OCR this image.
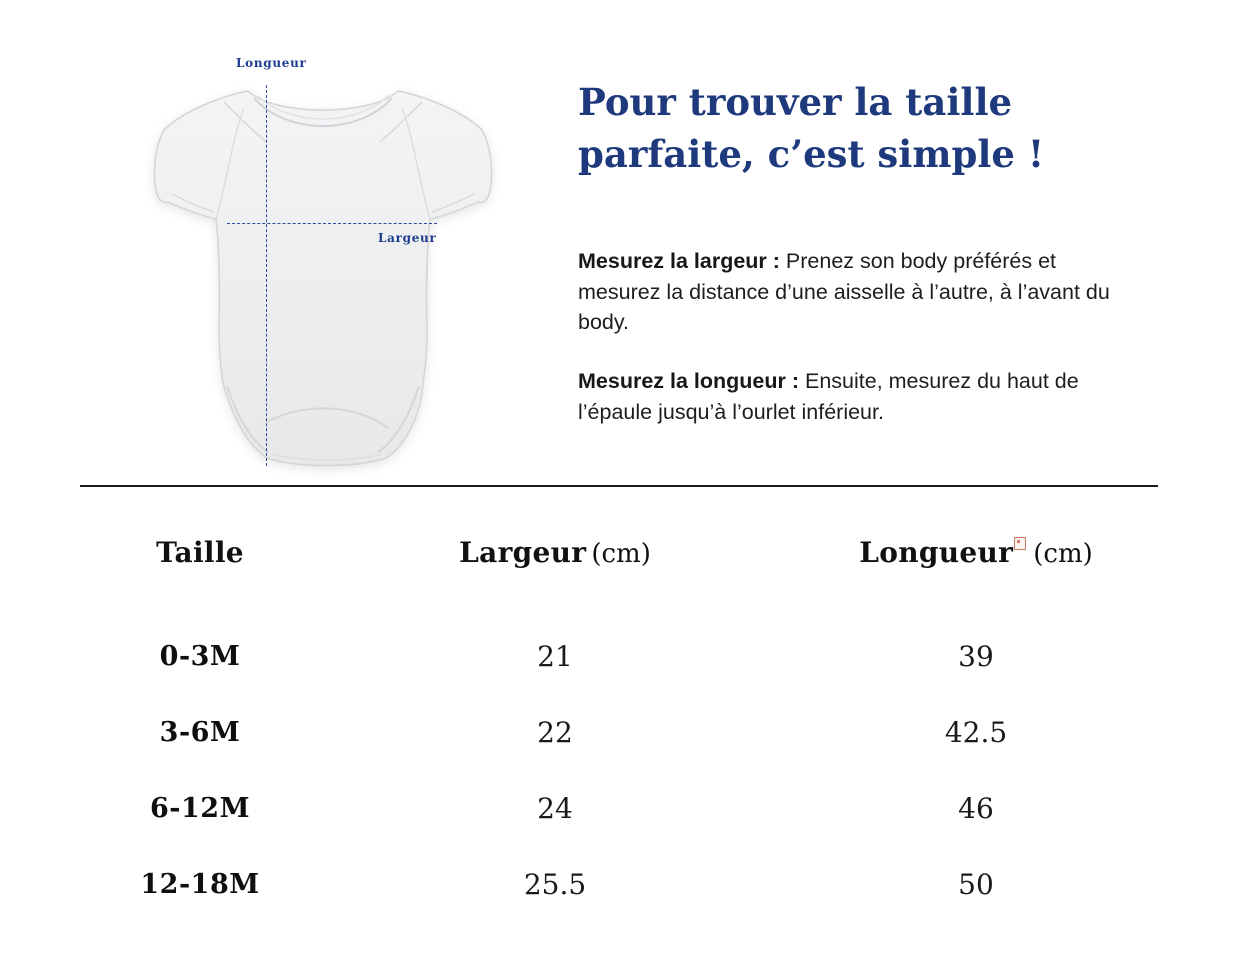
Longueur
Largeur
Pour trouver la taille parfaite, c’est simple !

Mesurez la largeur : Prenez son body préférés et mesurez la distance d’une aisselle à l’autre, à l’avant du body.

Mesurez la longueur : Ensuite, mesurez du haut de l’épaule jusqu’à l’ourlet inférieur.

Taille	Largeur (cm)	Longueur (cm)
0-3M	21	39
3-6M	22	42.5
6-12M	24	46
12-18M	25.5	50
